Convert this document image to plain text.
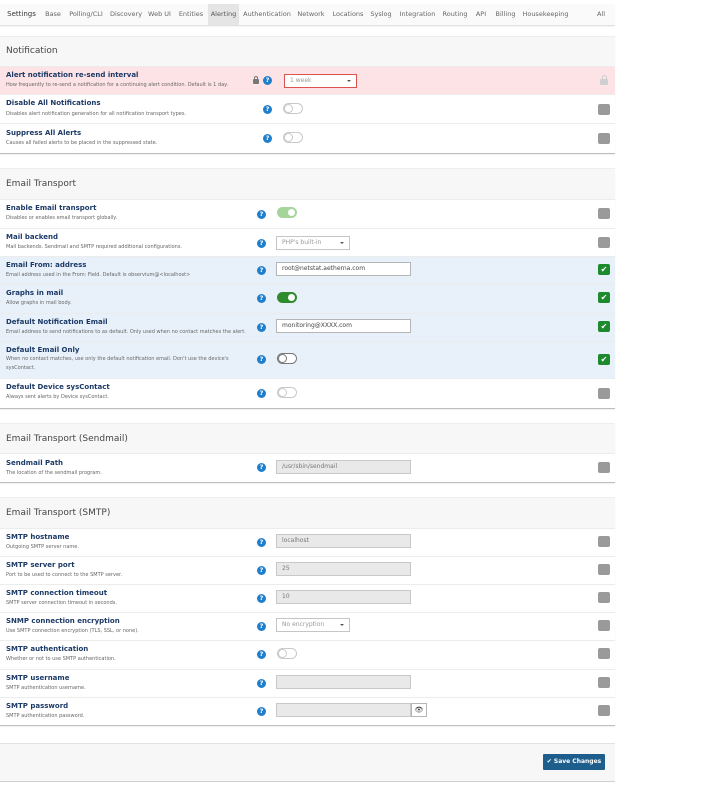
Settings	Base	Polling/CLI Discovery Web UI Entities	Alerting	Authentication Network Locations Syslog Integration Routing	API	Billing Housekeeping	All
Notification
Alert notification re-send interval
How frequently to re-send a notification for a continuing alert condition. Default is 1 day.
?	1 week
Disable All Notifications
Disables alert notification generation for all notification transport types.
?
Suppress All Alerts
Causes all failed alerts to be placed in the suppressed state.
?
Email Transport
Enable Email transport
Disables or enables email transport globally.	?
Mail backend
Mail backends. Sendmail and SMTP required additional configurations.	?	PHP's built-in
Email From: address
Email address used in the From: Field. Default is observium@<localhost>
?	root@netstat.aetherna.com	✔
Graphs in mail
Allow graphs in mail body.
?	✔
Default Notification Email
Email address to send notifications to as default. Only used when no contact matches the alert.
?	monitoring@XXXX.com	✔
Default Email Only
When no contact matches, use only the default notification email. Don't use the device's sysContact.
?	✔
Default Device sysContact
Always sent alerts by Device sysContact.	?
Email Transport (Sendmail)
Sendmail Path
The location of the sendmail program.
?	/usr/sbin/sendmail
Email Transport (SMTP)
SMTP hostname
Outgoing SMTP server name.
?	localhost
SMTP server port
Port to be used to connect to the SMTP server.
?	25
SMTP connection timeout
SMTP server connection timeout in seconds.
?	10
SNMP connection encryption
Use SMTP connection encryption (TLS, SSL, or none).
?	No encryption
SMTP authentication
Whether or not to use SMTP authentication.
?
SMTP username
SMTP authentication username.
?
SMTP password
SMTP authentication password.
?	👁
✔ Save Changes
